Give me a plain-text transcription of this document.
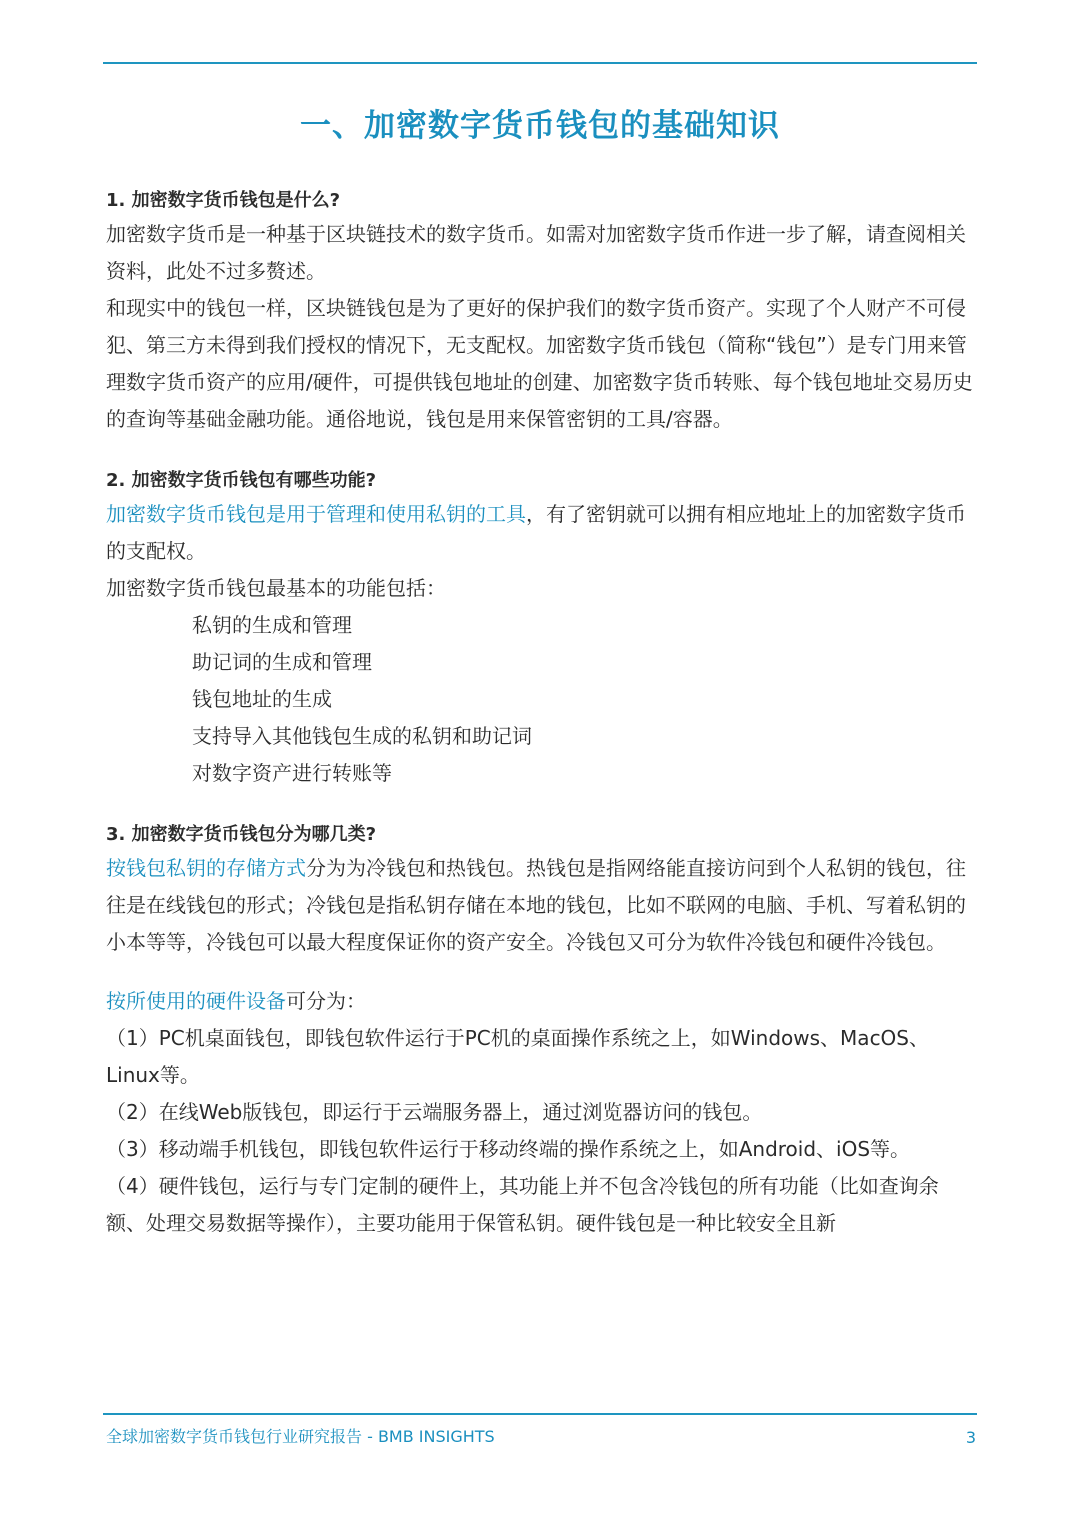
一、加密数字货币钱包的基础知识

1. 加密数字货币钱包是什么?

加密数字货币是一种基于区块链技术的数字货币。如需对加密数字货币作进一步了解，请查阅相关资料，此处不过多赘述。

和现实中的钱包一样，区块链钱包是为了更好的保护我们的数字货币资产。实现了个人财产不可侵犯、第三方未得到我们授权的情况下，无支配权。加密数字货币钱包（简称“钱包”）是专门用来管理数字货币资产的应用/硬件，可提供钱包地址的创建、加密数字货币转账、每个钱包地址交易历史的查询等基础金融功能。通俗地说，钱包是用来保管密钥的工具/容器。

2. 加密数字货币钱包有哪些功能?

加密数字货币钱包是用于管理和使用私钥的工具，有了密钥就可以拥有相应地址上的加密数字货币的支配权。

加密数字货币钱包最基本的功能包括：

私钥的生成和管理
助记词的生成和管理
钱包地址的生成
支持导入其他钱包生成的私钥和助记词
对数字资产进行转账等

3. 加密数字货币钱包分为哪几类?

按钱包私钥的存储方式分为为冷钱包和热钱包。热钱包是指网络能直接访问到个人私钥的钱包，往往是在线钱包的形式；冷钱包是指私钥存储在本地的钱包，比如不联网的电脑、手机、写着私钥的小本等等，冷钱包可以最大程度保证你的资产安全。冷钱包又可分为软件冷钱包和硬件冷钱包。

按所使用的硬件设备可分为：

（1）PC机桌面钱包，即钱包软件运行于PC机的桌面操作系统之上，如Windows、MacOS、Linux等。

（2）在线Web版钱包，即运行于云端服务器上，通过浏览器访问的钱包。

（3）移动端手机钱包，即钱包软件运行于移动终端的操作系统之上，如Android、iOS等。

（4）硬件钱包，运行与专门定制的硬件上，其功能上并不包含冷钱包的所有功能（比如查询余额、处理交易数据等操作），主要功能用于保管私钥。硬件钱包是一种比较安全且新

全球加密数字货币钱包行业研究报告 - BMB INSIGHTS	3
